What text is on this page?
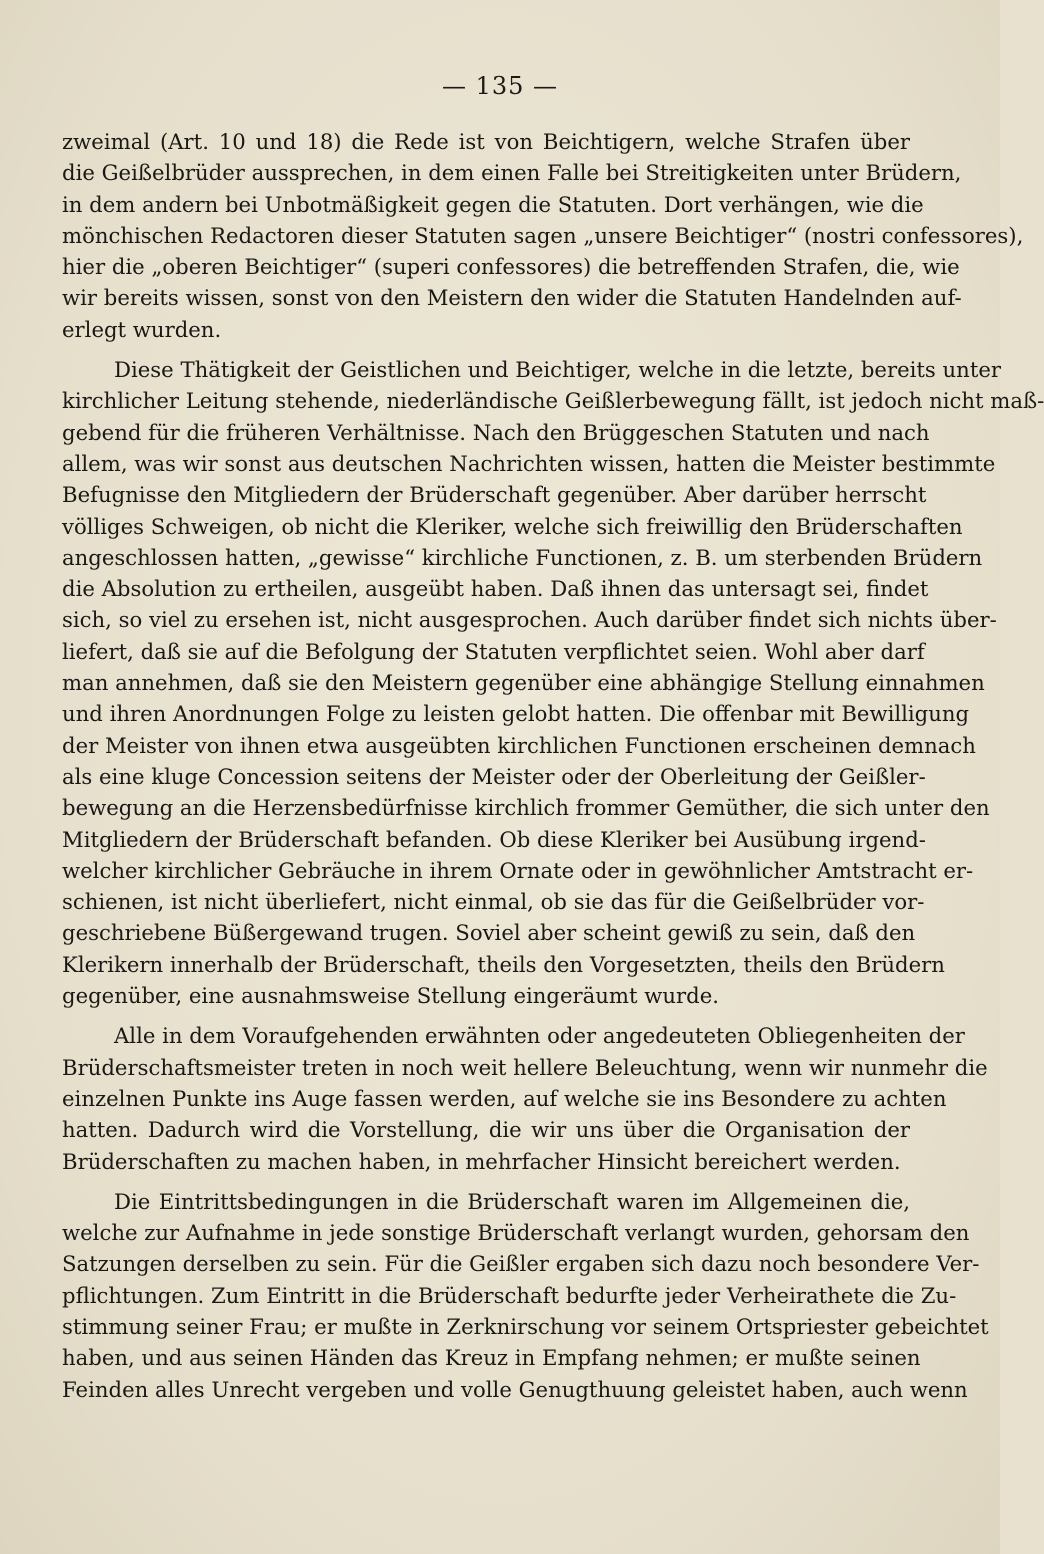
— 135 —
zweimal (Art. 10 und 18) die Rede ist von Beichtigern, welche Strafen über
die Geißelbrüder aussprechen, in dem einen Falle bei Streitigkeiten unter Brüdern,
in dem andern bei Unbotmäßigkeit gegen die Statuten. Dort verhängen, wie die
mönchischen Redactoren dieser Statuten sagen „unsere Beichtiger“ (nostri confessores),
hier die „oberen Beichtiger“ (superi confessores) die betreffenden Strafen, die, wie
wir bereits wissen, sonst von den Meistern den wider die Statuten Handelnden auf-
erlegt wurden.
Diese Thätigkeit der Geistlichen und Beichtiger, welche in die letzte, bereits unter
kirchlicher Leitung stehende, niederländische Geißlerbewegung fällt, ist jedoch nicht maß-
gebend für die früheren Verhältnisse. Nach den Brüggeschen Statuten und nach
allem, was wir sonst aus deutschen Nachrichten wissen, hatten die Meister bestimmte
Befugnisse den Mitgliedern der Brüderschaft gegenüber. Aber darüber herrscht
völliges Schweigen, ob nicht die Kleriker, welche sich freiwillig den Brüderschaften
angeschlossen hatten, „gewisse“ kirchliche Functionen, z. B. um sterbenden Brüdern
die Absolution zu ertheilen, ausgeübt haben. Daß ihnen das untersagt sei, findet
sich, so viel zu ersehen ist, nicht ausgesprochen. Auch darüber findet sich nichts über-
liefert, daß sie auf die Befolgung der Statuten verpflichtet seien. Wohl aber darf
man annehmen, daß sie den Meistern gegenüber eine abhängige Stellung einnahmen
und ihren Anordnungen Folge zu leisten gelobt hatten. Die offenbar mit Bewilligung
der Meister von ihnen etwa ausgeübten kirchlichen Functionen erscheinen demnach
als eine kluge Concession seitens der Meister oder der Oberleitung der Geißler-
bewegung an die Herzensbedürfnisse kirchlich frommer Gemüther, die sich unter den
Mitgliedern der Brüderschaft befanden. Ob diese Kleriker bei Ausübung irgend-
welcher kirchlicher Gebräuche in ihrem Ornate oder in gewöhnlicher Amtstracht er-
schienen, ist nicht überliefert, nicht einmal, ob sie das für die Geißelbrüder vor-
geschriebene Büßergewand trugen. Soviel aber scheint gewiß zu sein, daß den
Klerikern innerhalb der Brüderschaft, theils den Vorgesetzten, theils den Brüdern
gegenüber, eine ausnahmsweise Stellung eingeräumt wurde.
Alle in dem Voraufgehenden erwähnten oder angedeuteten Obliegenheiten der
Brüderschaftsmeister treten in noch weit hellere Beleuchtung, wenn wir nunmehr die
einzelnen Punkte ins Auge fassen werden, auf welche sie ins Besondere zu achten
hatten. Dadurch wird die Vorstellung, die wir uns über die Organisation der
Brüderschaften zu machen haben, in mehrfacher Hinsicht bereichert werden.
Die Eintrittsbedingungen in die Brüderschaft waren im Allgemeinen die,
welche zur Aufnahme in jede sonstige Brüderschaft verlangt wurden, gehorsam den
Satzungen derselben zu sein. Für die Geißler ergaben sich dazu noch besondere Ver-
pflichtungen. Zum Eintritt in die Brüderschaft bedurfte jeder Verheirathete die Zu-
stimmung seiner Frau; er mußte in Zerknirschung vor seinem Ortspriester gebeichtet
haben, und aus seinen Händen das Kreuz in Empfang nehmen; er mußte seinen
Feinden alles Unrecht vergeben und volle Genugthuung geleistet haben, auch wenn
